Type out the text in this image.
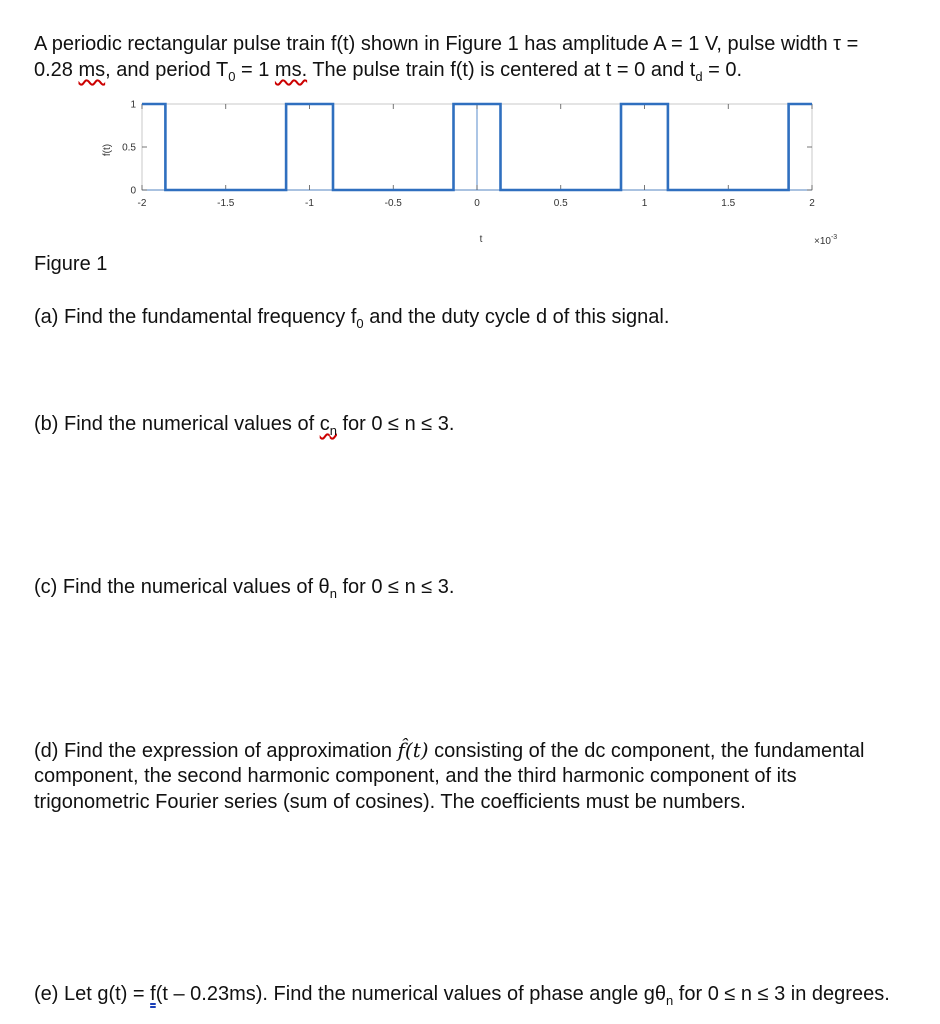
A periodic rectangular pulse train f(t) shown in Figure 1 has amplitude A = 1 V, pulse width τ =
0.28 ms, and period $T_0 = 1$ ms. The pulse train f(t) is centered at t = 0 and $t_d = 0$.
-2	-1.5	-1	-0.5	0	0.5	1	1.5	2
0
0.5
1
f(t)
t	$\times 10^{-3}$
Figure 1
(a) Find the fundamental frequency $f_0$ and the duty cycle d of this signal.
(b) Find the numerical values of $c_n$ for 0 ≤ n ≤ 3.
(c) Find the numerical values of $\theta_n$ for 0 ≤ n ≤ 3.
(d) Find the expression of approximation f̂(t) consisting of the dc component, the fundamental
component, the second harmonic component, and the third harmonic component of its
trigonometric Fourier series (sum of cosines). The coefficients must be numbers.
(e) Let g(t) = f(t – 0.23ms). Find the numerical values of phase angle $g\theta_n$ for 0 ≤ n ≤ 3 in degrees.
